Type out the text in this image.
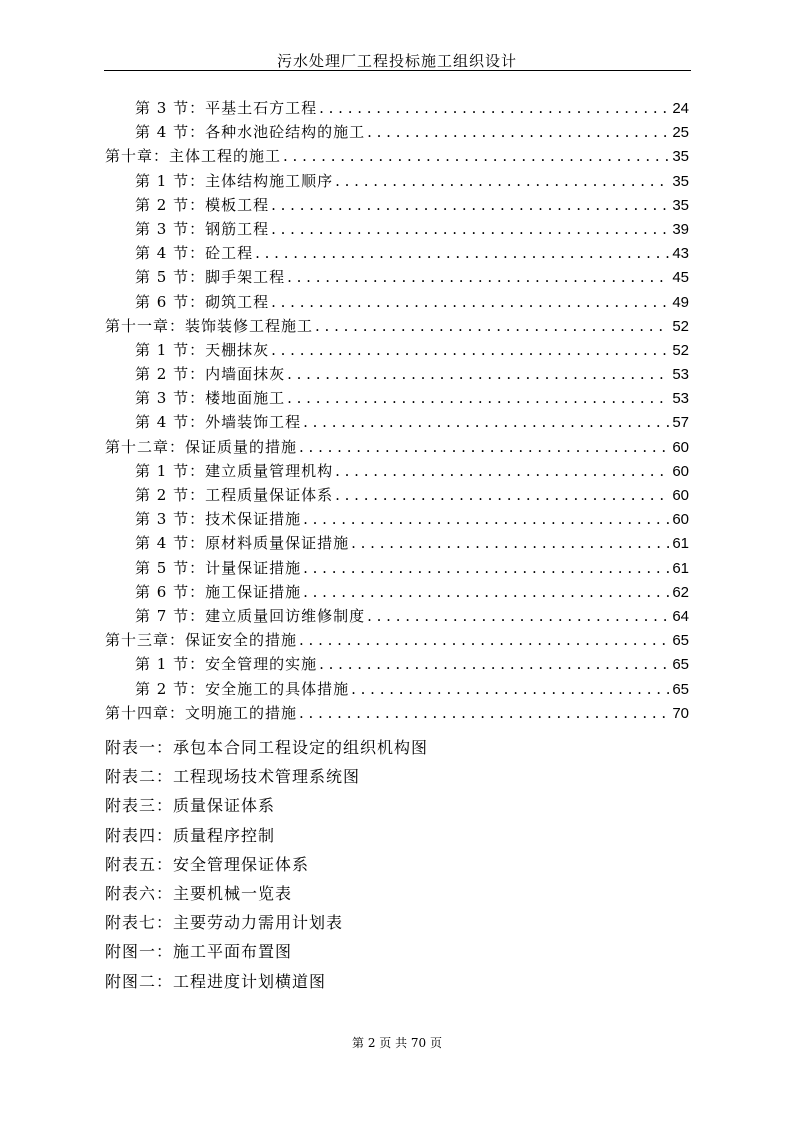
污水处理厂工程投标施工组织设计
第 3 节：平基土石方工程 . . .	24
第 4 节：各种水池砼结构的施工 . . .	25
第十章：主体工程的施工 . . .	35
第 1 节：主体结构施工顺序 . . .	35
第 2 节：模板工程 . . .	35
第 3 节：钢筋工程 . . .	39
第 4 节：砼工程 . . .	43
第 5 节：脚手架工程 . . .	45
第 6 节：砌筑工程 . . .	49
第十一章：装饰装修工程施工 . . .	52
第 1 节：天棚抹灰 . . .	52
第 2 节：内墙面抹灰 . . .	53
第 3 节：楼地面施工 . . .	53
第 4 节：外墙装饰工程 . . .	57
第十二章：保证质量的措施 . . .	60
第 1 节：建立质量管理机构 . . .	60
第 2 节：工程质量保证体系 . . .	60
第 3 节：技术保证措施 . . .	60
第 4 节：原材料质量保证措施 . . .	61
第 5 节：计量保证措施 . . .	61
第 6 节：施工保证措施 . . .	62
第 7 节：建立质量回访维修制度 . . .	64
第十三章：保证安全的措施 . . .	65
第 1 节：安全管理的实施 . . .	65
第 2 节：安全施工的具体措施 . . .	65
第十四章：文明施工的措施 . . .	70
附表一：承包本合同工程设定的组织机构图
附表二：工程现场技术管理系统图
附表三：质量保证体系
附表四：质量程序控制
附表五：安全管理保证体系
附表六：主要机械一览表
附表七：主要劳动力需用计划表
附图一：施工平面布置图
附图二：工程进度计划横道图
第 2 页 共 70 页
